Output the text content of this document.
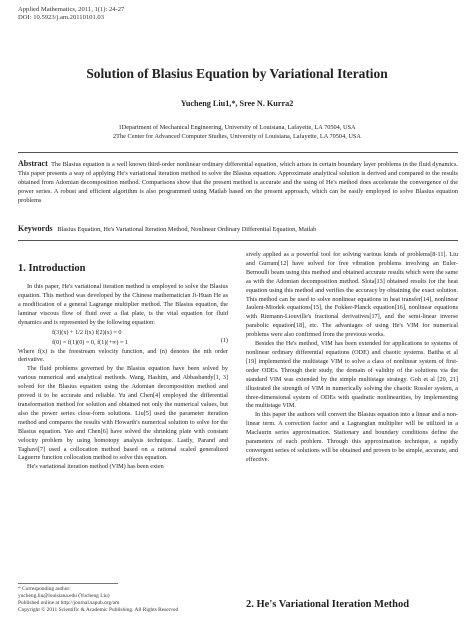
Applied Mathematics, 2011, 1(1): 24-27
DOI: 10.5923/j.am.20110101.03
Solution of Blasius Equation by Variational Iteration
Yucheng Liu1,*, Sree N. Kurra2
1Department of Mechanical Engineering, University of Louisiana, Lafayette, LA 70504, USA
2The Center for Advanced Computer Studies, University of Louisiana, Lafayette, LA 70504, USA
Abstract The Blasius equation is a well known third-order nonlinear ordinary differential equation, which arises in certain boundary layer problems in the fluid dynamics. This paper presents a way of applying He's variational iteration method to solve the Blasius equation. Approximate analytical solution is derived and compared to the results obtained from Adomian decomposition method. Comparisons show that the present method is accurate and the using of He's method does accelerate the convergence of the power series. A robust and efficient algorithm is also programmed using Matlab based on the present approach, which can be easily employed to solve Blasius equation problems
Keywords Blasius Equation, He's Variational Iteration Method, Nonlinear Ordinary Differential Equation, Matlab
1. Introduction

In this paper, He's variational iteration method is employed to solve the Blasius equation. This method was developed by the Chinese mathematician Ji-Huan He as a modification of a general Lagrange multiplier method. The Blasius equation, the laminar viscous flow of fluid over a flat plate, is the vital equation for fluid dynamics and is represented by the following equation:

f(3)(x) + 1/2 f(x) f(2)(x) = 0
f(0) = f(1)(0) = 0, f(1)(+∞) = 1	(1)

Where f(x) is the freestream velocity function, and (n) denotes the nth order derivative.

The fluid problems governed by the Blasius equation have been solved by various numerical and analytical methods. Wang, Hashim, and Abbasbandy[1, 3] solved for the Blasius equation using the Adomian decomposition method and proved it to be accurate and reliable. Yu and Chen[4] employed the differential transformation method for solution and obtained not only the numerical values, but also the power series close-form solutions. Liu[5] used the parameter iteration method and compares the results with Howarth's numerical solution to solve for the Blasius equation. Yao and Chen[6] have solved the shrinking plate with constant velocity problem by using homotopy analysis technique. Lastly, Parand and Taghavi[7] used a collocation method based on a rational scaled generalized Laguerre function collocation method to solve this equation.

He's variational iteration method (VIM) has been exten

* Corresponding author:
yucheng.liu@louisiana.edu (Yucheng Liu)
Published online at http://journal.sapub.org/am
Copyright © 2011 Scientific & Academic Publishing. All Rights Reserved

sively applied as a powerful tool for solving various kinds of problems[8-11]. Liu and Gurram[12] have solved for free vibration problems involving an Euler-Bernoulli beam using this method and obtained accurate results which were the same as with the Adomian decomposition method. Slota[13] obtained results for the heat equation using this method and verifies the accuracy by obtaining the exact solution. This method can be used to solve nonlinear equations in heat transfer[14], nonlinear Jaulent-Miodek equations[15], the Fokker-Planck equation[16], nonlinear equations with Riemann-Liouville's fractional derivatives[17], and the semi-linear inverse parabolic equation[18], etc. The advantages of using He's VIM for numerical problems were also confirmed from the previous works.

Besides the He's method, VIM has been extended for applications to systems of nonlinear ordinary differential equations (ODE) and chaotic systems. Batiha et al [19] implemented the multistage VIM to solve a class of nonlinear system of first-order ODEs. Through their study, the domain of validity of the solutions via the standard VIM was extended by the simple multistage strategy. Goh et al [20, 21] illustrated the strength of VIM in numerically solving the chaotic Rossler system, a three-dimensional system of ODEs with quadratic nonlinearities, by implementing the multistage VIM.

In this paper the authors will convert the Blasius equation into a linear and a non-linear term. A correction factor and a Lagrangian multiplier will be utilized in a Maclaurin series approximation. Stationary and boundary conditions define the parameters of each problem. Through this approximation technique, a rapidly convergent series of solutions will be obtained and proven to be simple, accurate, and effective.

2. He's Variational Iteration Method
